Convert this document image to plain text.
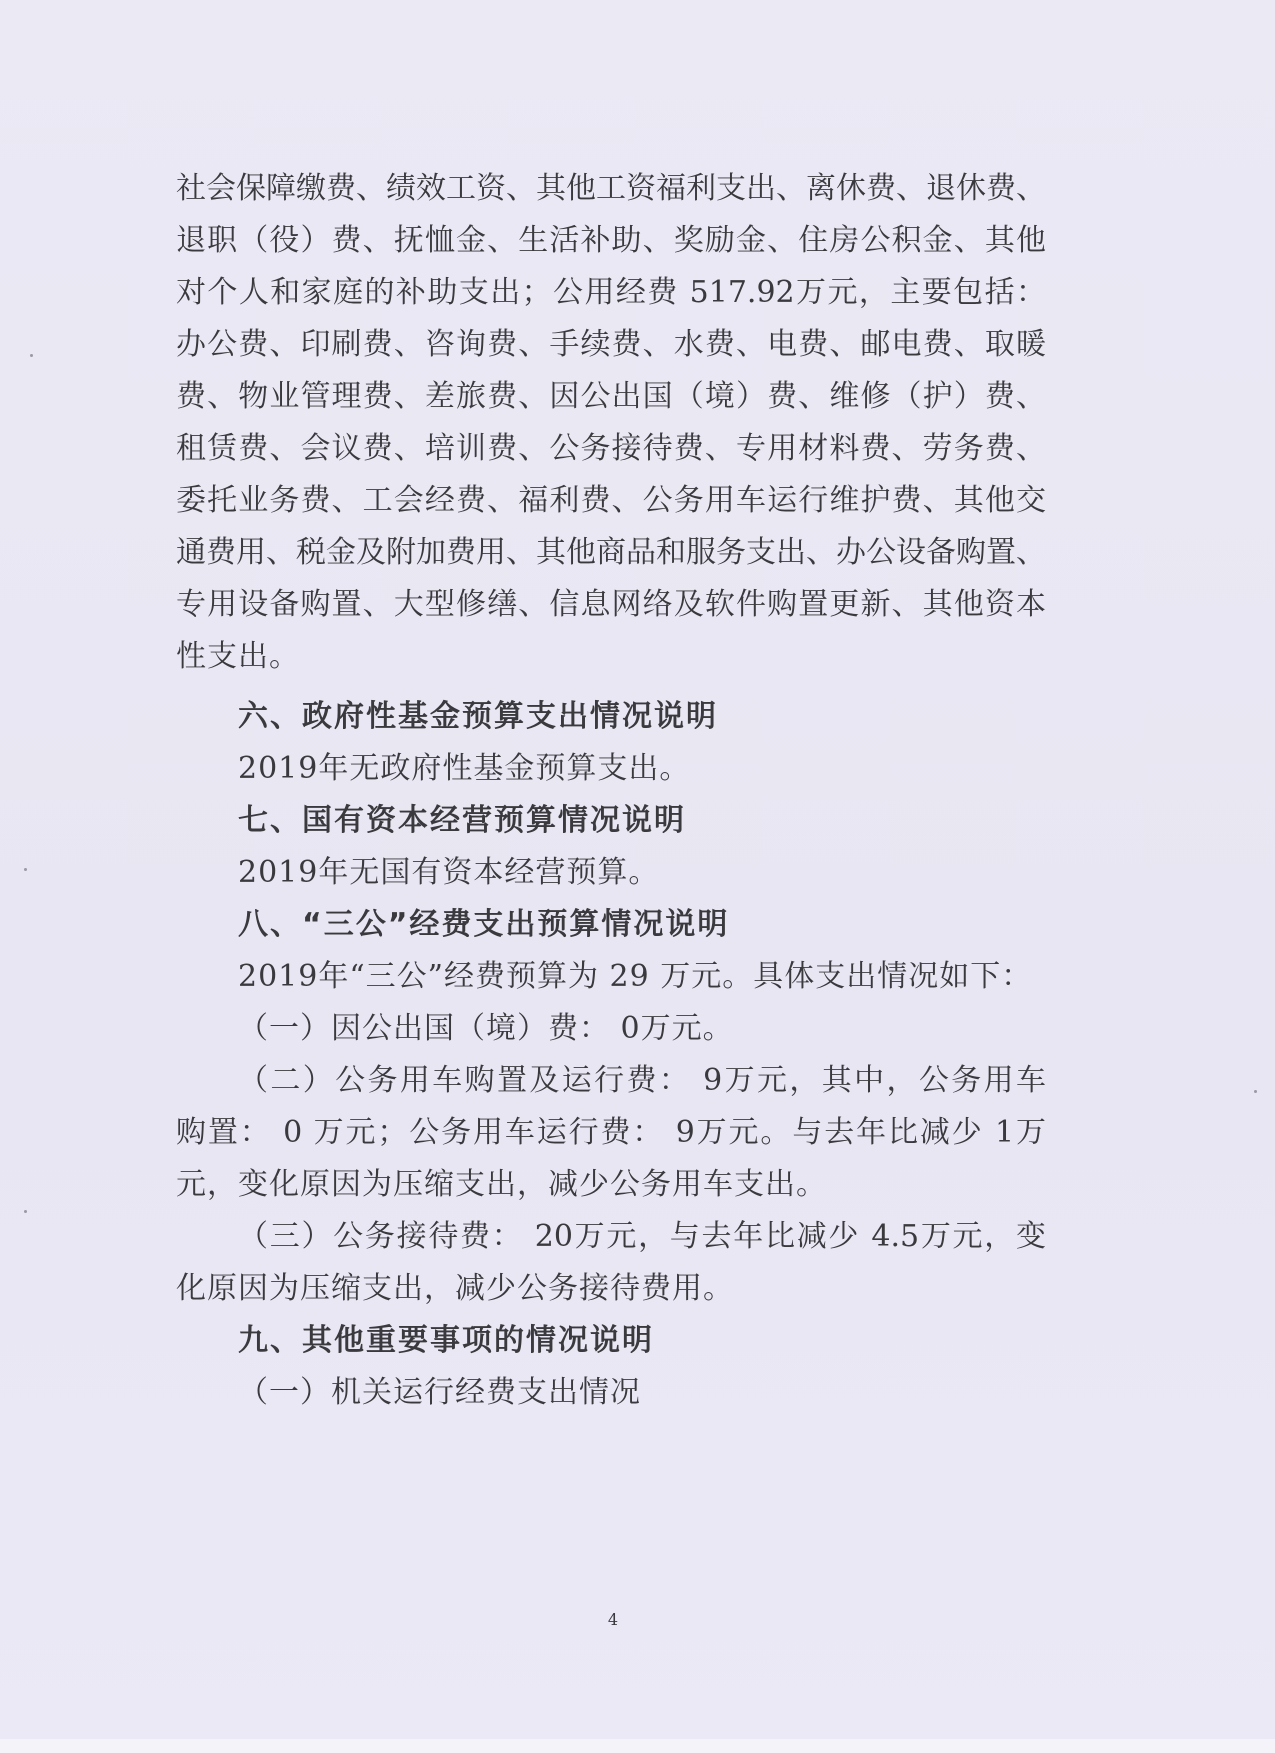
社会保障缴费、绩效工资、其他工资福利支出、离休费、退休费、
退职（役）费、抚恤金、生活补助、奖励金、住房公积金、其他
对个人和家庭的补助支出；公用经费 517.92万元，主要包括：
办公费、印刷费、咨询费、手续费、水费、电费、邮电费、取暖
费、物业管理费、差旅费、因公出国（境）费、维修（护）费、
租赁费、会议费、培训费、公务接待费、专用材料费、劳务费、
委托业务费、工会经费、福利费、公务用车运行维护费、其他交
通费用、税金及附加费用、其他商品和服务支出、办公设备购置、
专用设备购置、大型修缮、信息网络及软件购置更新、其他资本
性支出。
六、政府性基金预算支出情况说明
2019年无政府性基金预算支出。
七、国有资本经营预算情况说明
2019年无国有资本经营预算。
八、“三公”经费支出预算情况说明
2019年“三公”经费预算为 29 万元。具体支出情况如下：
（一）因公出国（境）费： 0万元。
（二）公务用车购置及运行费： 9万元，其中，公务用车
购置： 0 万元；公务用车运行费： 9万元。与去年比减少 1万
元，变化原因为压缩支出，减少公务用车支出。
（三）公务接待费： 20万元，与去年比减少 4.5万元，变
化原因为压缩支出，减少公务接待费用。
九、其他重要事项的情况说明
（一）机关运行经费支出情况
4
